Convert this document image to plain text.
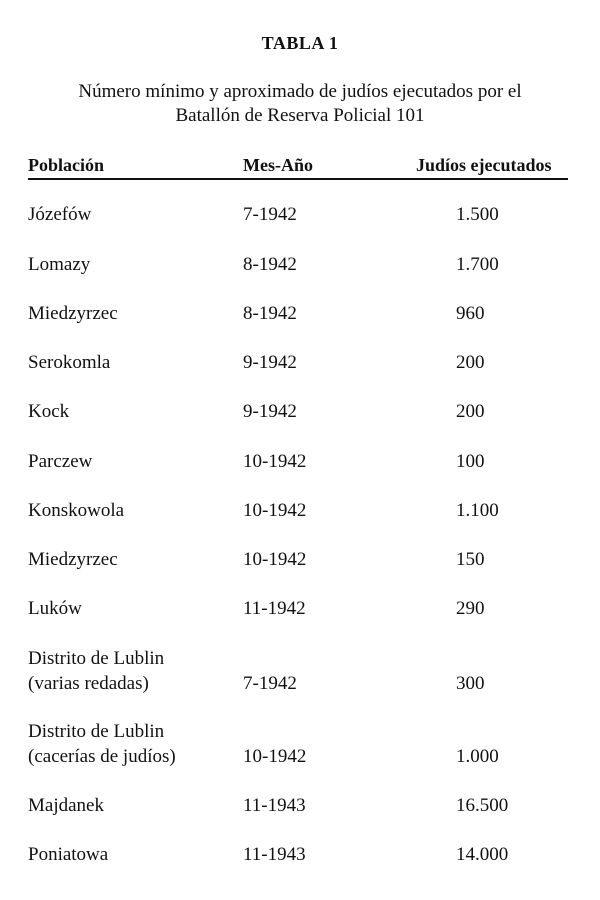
TABLA 1
Número mínimo y aproximado de judíos ejecutados por el
Batallón de Reserva Policial 101
Población	Mes-Año	Judíos ejecutados
Józefów	7-1942	1.500
Lomazy	8-1942	1.700
Miedzyrzec	8-1942	960
Serokomla	9-1942	200
Kock	9-1942	200
Parczew	10-1942	100
Konskowola	10-1942	1.100
Miedzyrzec	10-1942	150
Luków	11-1942	290
Distrito de Lublin
(varias redadas)	7-1942	300
Distrito de Lublin
(cacerías de judíos)	10-1942	1.000
Majdanek	11-1943	16.500
Poniatowa	11-1943	14.000
